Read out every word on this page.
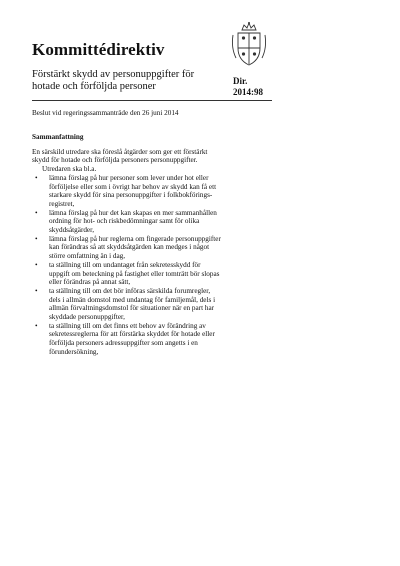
Kommittédirektiv
Förstärkt skydd av personuppgifter för
hotade och förföljda personer	Dir.
2014:98
Beslut vid regeringssammanträde den 26 juni 2014
Sammanfattning

En särskild utredare ska föreslå åtgärder som ger ett förstärkt
skydd för hotade och förföljda personers personuppgifter.

Utredaren ska bl.a.

• lämna förslag på hur personer som lever under hot eller
förföljelse eller som i övrigt har behov av skydd kan få ett
starkare skydd för sina personuppgifter i folkbokförings-
registret,
• lämna förslag på hur det kan skapas en mer sammanhållen
ordning för hot- och riskbedömningar samt för olika
skyddsåtgärder,
• lämna förslag på hur reglerna om fingerade personuppgifter
kan förändras så att skyddsåtgärden kan medges i något
större omfattning än i dag,
• ta ställning till om undantaget från sekretesskydd för
uppgift om beteckning på fastighet eller tomträtt bör slopas
eller förändras på annat sätt,
• ta ställning till om det bör införas särskilda forumregler,
dels i allmän domstol med undantag för familjemål, dels i
allmän förvaltningsdomstol för situationer när en part har
skyddade personuppgifter,
• ta ställning till om det finns ett behov av förändring av
sekretessreglerna för att förstärka skyddet för hotade eller
förföljda personers adressuppgifter som angetts i en
förundersökning,
